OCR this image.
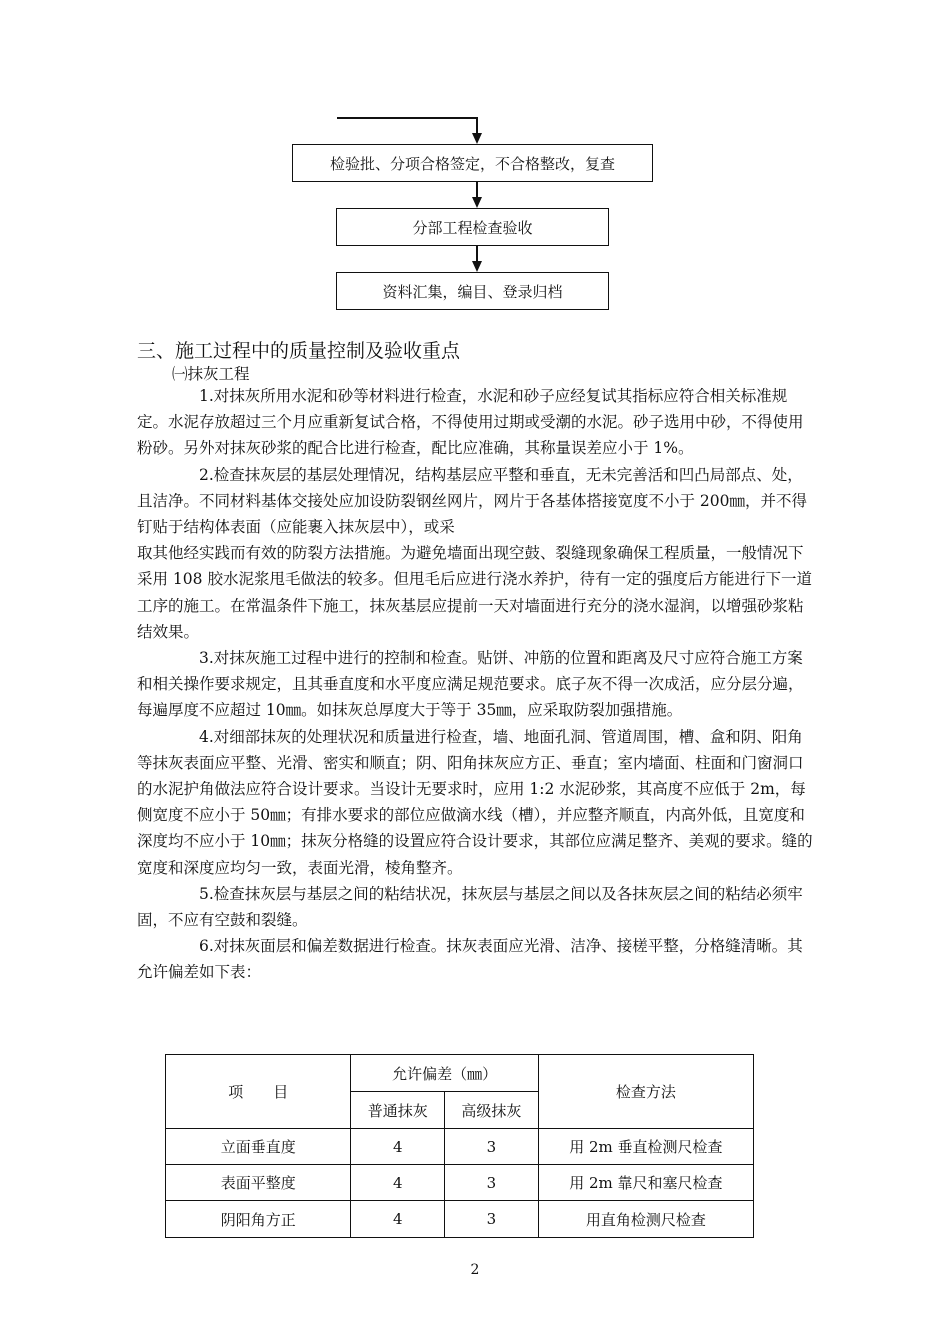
检验批、分项合格签定，不合格整改，复查
分部工程检查验收
资料汇集，编目、登录归档
三、施工过程中的质量控制及验收重点
㈠抹灰工程

1.对抹灰所用水泥和砂等材料进行检查，水泥和砂子应经复试其指标应符合相关标准规定。水泥存放超过三个月应重新复试合格，不得使用过期或受潮的水泥。砂子选用中砂，不得使用粉砂。另外对抹灰砂浆的配合比进行检查，配比应准确，其称量误差应小于 1%。

2.检查抹灰层的基层处理情况，结构基层应平整和垂直，无未完善活和凹凸局部点、处，且洁净。不同材料基体交接处应加设防裂钢丝网片，网片于各基体搭接宽度不小于 200㎜，并不得钉贴于结构体表面（应能裹入抹灰层中），或采

取其他经实践而有效的防裂方法措施。为避免墙面出现空鼓、裂缝现象确保工程质量，一般情况下采用 108 胶水泥浆甩毛做法的较多。但甩毛后应进行浇水养护，待有一定的强度后方能进行下一道工序的施工。在常温条件下施工，抹灰基层应提前一天对墙面进行充分的浇水湿润，以增强砂浆粘结效果。

3.对抹灰施工过程中进行的控制和检查。贴饼、冲筋的位置和距离及尺寸应符合施工方案和相关操作要求规定，且其垂直度和水平度应满足规范要求。底子灰不得一次成活，应分层分遍，每遍厚度不应超过 10㎜。如抹灰总厚度大于等于 35㎜，应采取防裂加强措施。

4.对细部抹灰的处理状况和质量进行检查，墙、地面孔洞、管道周围，槽、盒和阴、阳角等抹灰表面应平整、光滑、密实和顺直；阴、阳角抹灰应方正、垂直；室内墙面、柱面和门窗洞口的水泥护角做法应符合设计要求。当设计无要求时，应用 1:2 水泥砂浆，其高度不应低于 2m，每侧宽度不应小于 50㎜；有排水要求的部位应做滴水线（槽），并应整齐顺直，内高外低，且宽度和深度均不应小于 10㎜；抹灰分格缝的设置应符合设计要求，其部位应满足整齐、美观的要求。缝的宽度和深度应均匀一致，表面光滑，棱角整齐。

5.检查抹灰层与基层之间的粘结状况，抹灰层与基层之间以及各抹灰层之间的粘结必须牢固，不应有空鼓和裂缝。

6.对抹灰面层和偏差数据进行检查。抹灰表面应光滑、洁净、接槎平整，分格缝清晰。其允许偏差如下表：

项　　目	允许偏差（㎜）		检查方法
	普通抹灰	高级抹灰	
立面垂直度	4	3	用 2m 垂直检测尺检查
表面平整度	4	3	用 2m 靠尺和塞尺检查
阴阳角方正	4	3	用直角检测尺检查
2
